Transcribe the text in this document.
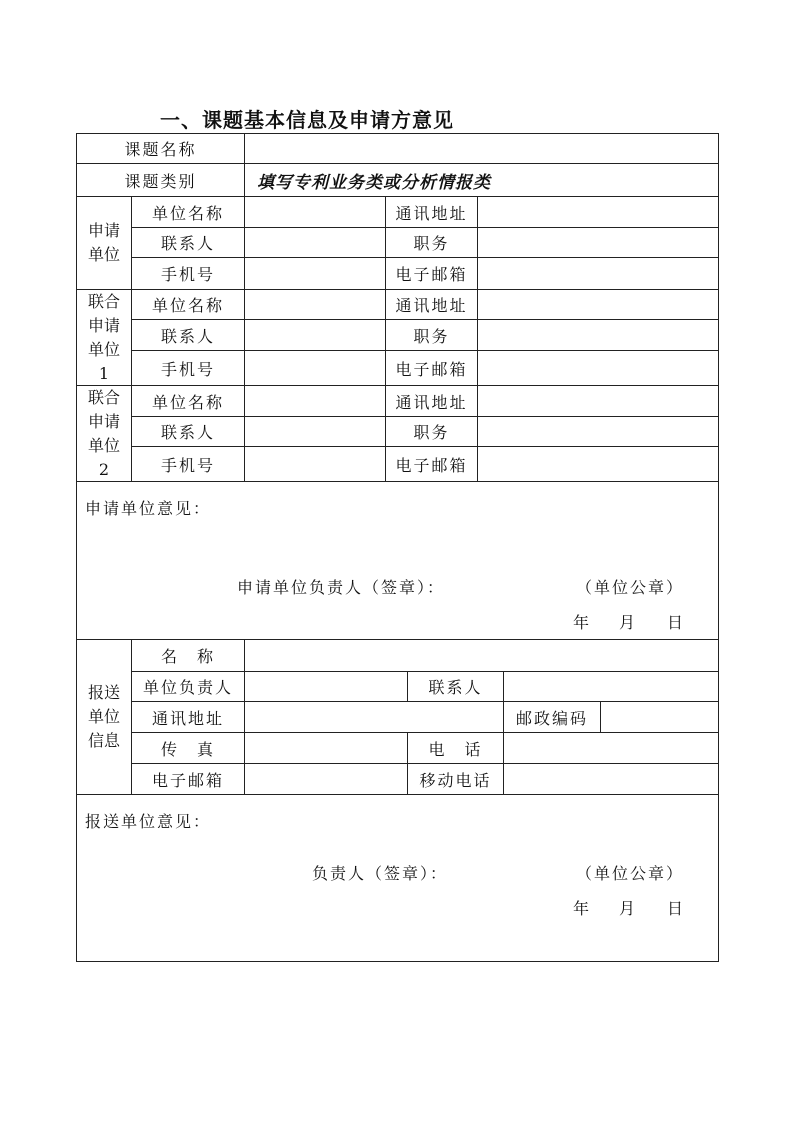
一、课题基本信息及申请方意见
课题名称
课题类别	填写专利业务类或分析情报类
申请
单位
单位名称	通讯地址
联系人	职务
手机号	电子邮箱
联合
申请
单位
1
单位名称	通讯地址
联系人	职务
手机号	电子邮箱
联合
申请
单位
2
单位名称	通讯地址
联系人	职务
手机号	电子邮箱
申请单位意见：
申请单位负责人（签章）：	（单位公章）
年 月 日
报送
单位
信息
名　称
单位负责人	联系人
通讯地址	邮政编码
传　真	电　话
电子邮箱	移动电话
报送单位意见：
负责人（签章）：	（单位公章）
年 月 日
